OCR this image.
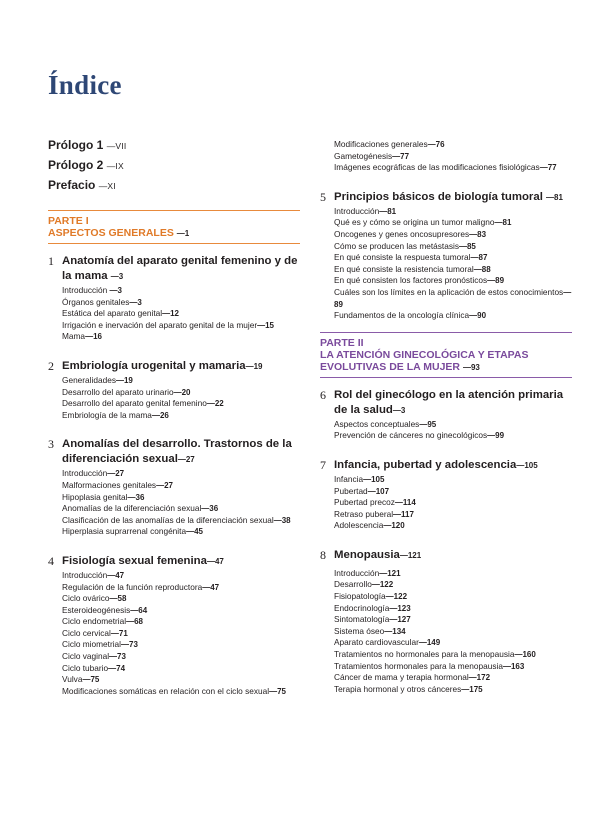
Índice
Prólogo 1 —VII
Prólogo 2 —IX
Prefacio —XI
PARTE I
ASPECTOS GENERALES —1
1 Anatomía del aparato genital femenino y de la mama —3
Introducción —3
Órganos genitales—3
Estática del aparato genital—12
Irrigación e inervación del aparato genital de la mujer—15
Mama—16
2 Embriología urogenital y mamaria—19
Generalidades—19
Desarrollo del aparato urinario—20
Desarrollo del aparato genital femenino—22
Embriología de la mama—26
3 Anomalías del desarrollo. Trastornos de la diferenciación sexual—27
Introducción—27
Malformaciones genitales—27
Hipoplasia genital—36
Anomalías de la diferenciación sexual—36
Clasificación de las anomalías de la diferenciación sexual—38
Hiperplasia suprarrenal congénita—45
4 Fisiología sexual femenina—47
Introducción—47
Regulación de la función reproductora—47
Ciclo ovárico—58
Esteroideogénesis—64
Ciclo endometrial—68
Ciclo cervical—71
Ciclo miometrial—73
Ciclo vaginal—73
Ciclo tubario—74
Vulva—75
Modificaciones somáticas en relación con el ciclo sexual—75
Modificaciones generales—76
Gametogénesis—77
Imágenes ecográficas de las modificaciones fisiológicas—77
5 Principios básicos de biología tumoral —81
Introducción—81
Qué es y cómo se origina un tumor maligno—81
Oncogenes y genes oncosupresores—83
Cómo se producen las metástasis—85
En qué consiste la respuesta tumoral—87
En qué consiste la resistencia tumoral—88
En qué consisten los factores pronósticos—89
Cuáles son los límites en la aplicación de estos conocimientos—89
Fundamentos de la oncología clínica—90
PARTE II
LA ATENCIÓN GINECOLÓGICA Y ETAPAS
EVOLUTIVAS DE LA MUJER —93
6 Rol del ginecólogo en la atención primaria de la salud—3
Aspectos conceptuales—95
Prevención de cánceres no ginecológicos—99
7 Infancia, pubertad y adolescencia—105
Infancia—105
Pubertad—107
Pubertad precoz—114
Retraso puberal—117
Adolescencia—120
8 Menopausia—121
Introducción—121
Desarrollo—122
Fisiopatología—122
Endocrinología—123
Sintomatología—127
Sistema óseo—134
Aparato cardiovascular—149
Tratamientos no hormonales para la menopausia—160
Tratamientos hormonales para la menopausia—163
Cáncer de mama y terapia hormonal—172
Terapia hormonal y otros cánceres—175
